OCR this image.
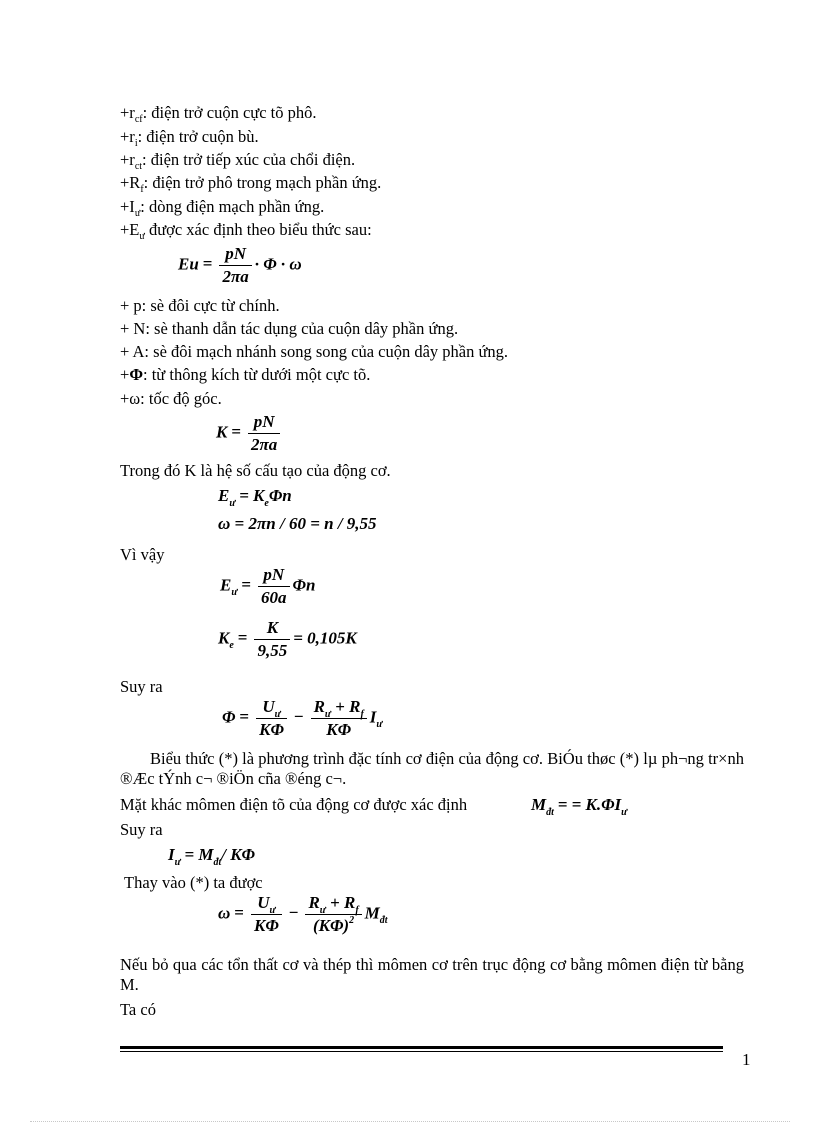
$+r_{cf}$: điện trở cuộn cực tõ phô.
$+r_i$: điện trở cuộn bù.
$+r_{ct}$: điện trở tiếp xúc của chổi điện.
$+R_f$: điện trở phô trong mạch phần ứng.
$+I_ư$: dòng điện mạch phần ứng.
$+E_ư$ được xác định theo biểu thức sau:
$Eu = \frac{pN}{2\pi a} \cdot \Phi \cdot \omega$
+ p: sè đôi cực từ chính.
+ N: sè thanh dẫn tác dụng của cuộn dây phần ứng.
+ A: sè đôi mạch nhánh song song của cuộn dây phần ứng.
+Φ: từ thông kích từ dưới một cực tõ.
+ω: tốc độ góc.
$K = \frac{pN}{2\pi a}$
Trong đó K là hệ số cấu tạo của động cơ.
$E_ư = K_e\Phi n$
ω = 2πn / 60 = n / 9,55
Vì vậy
$E_ư = \frac{pN}{60a}$ Φn
$K_e = \frac{K}{9,55} = 0,105K$
Suy ra
$\Phi = \frac{U_ư}{K\Phi} - \frac{R_ư + R_f}{K\Phi} I_ư$
Biểu thức (*) là phương trình đặc tính cơ điện của động cơ. BiÓu thøc (*) lµ ph¬ng tr×nh ®Æc tÝnh c¬ ®iÖn cña ®éng c¬.
Mặt khác mômen điện tõ của động cơ được xác định	$M_{đt}$ = = $K.\Phi I_ư$
Suy ra
$I_ư = M_{đt}/$ KΦ
Thay vào (*) ta được
$\omega = \frac{U_ư}{K\Phi} - \frac{R_ư + R_f}{(K\Phi)^2} M_{đt}$
Nếu bỏ qua các tổn thất cơ và thép thì mômen cơ trên trục động cơ bằng mômen điện từ bằng M.
Ta có
1
